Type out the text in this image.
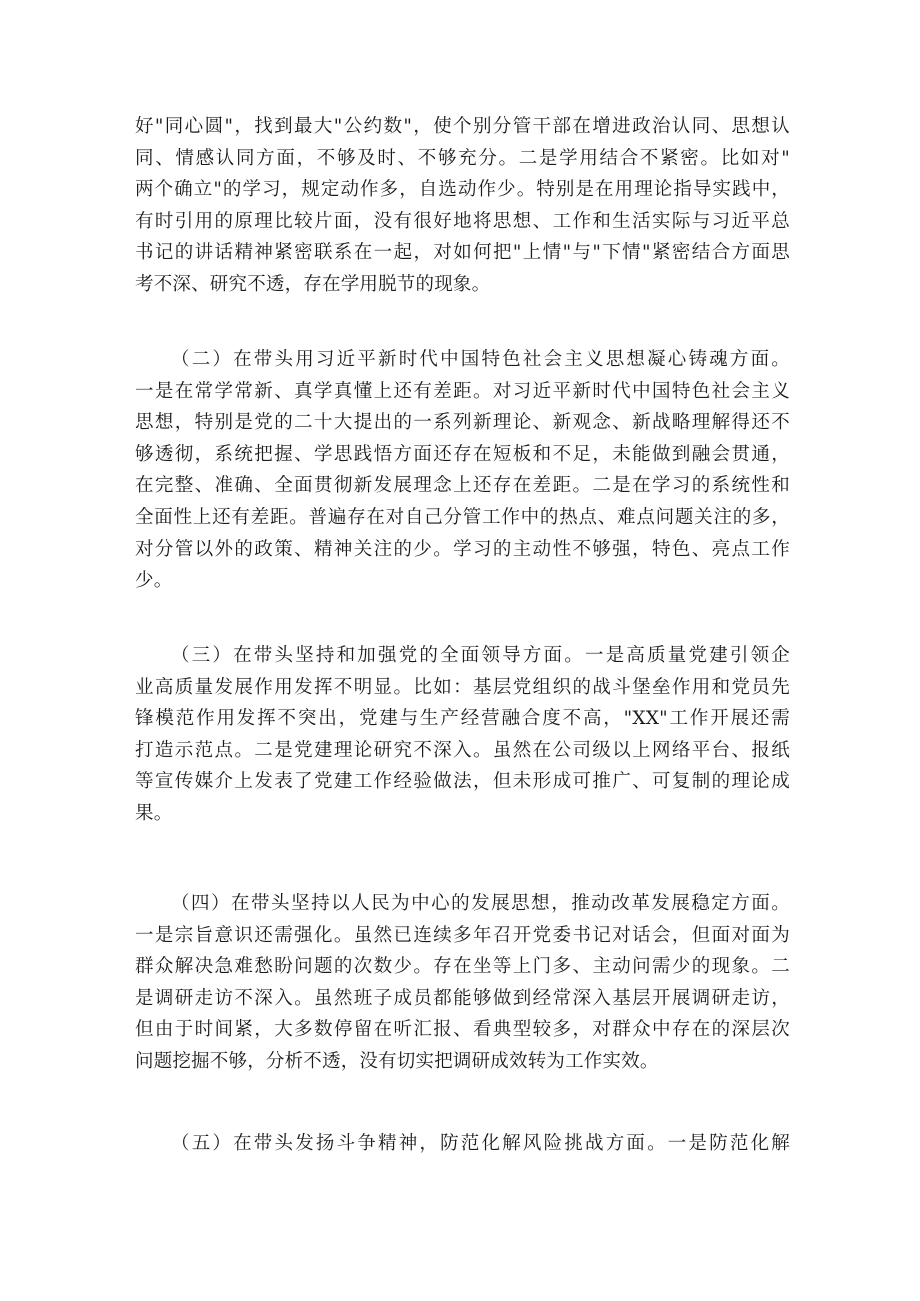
好"同心圆"，找到最大"公约数"，使个别分管干部在增进政治认同、思想认
同、情感认同方面，不够及时、不够充分。二是学用结合不紧密。比如对"
两个确立"的学习，规定动作多，自选动作少。特别是在用理论指导实践中，
有时引用的原理比较片面，没有很好地将思想、工作和生活实际与习近平总
书记的讲话精神紧密联系在一起，对如何把"上情"与"下情"紧密结合方面思
考不深、研究不透，存在学用脱节的现象。
（二）在带头用习近平新时代中国特色社会主义思想凝心铸魂方面。
一是在常学常新、真学真懂上还有差距。对习近平新时代中国特色社会主义
思想，特别是党的二十大提出的一系列新理论、新观念、新战略理解得还不
够透彻，系统把握、学思践悟方面还存在短板和不足，未能做到融会贯通，
在完整、准确、全面贯彻新发展理念上还存在差距。二是在学习的系统性和
全面性上还有差距。普遍存在对自己分管工作中的热点、难点问题关注的多，
对分管以外的政策、精神关注的少。学习的主动性不够强，特色、亮点工作
少。
（三）在带头坚持和加强党的全面领导方面。一是高质量党建引领企
业高质量发展作用发挥不明显。比如：基层党组织的战斗堡垒作用和党员先
锋模范作用发挥不突出，党建与生产经营融合度不高，"XX"工作开展还需
打造示范点。二是党建理论研究不深入。虽然在公司级以上网络平台、报纸
等宣传媒介上发表了党建工作经验做法，但未形成可推广、可复制的理论成
果。
（四）在带头坚持以人民为中心的发展思想，推动改革发展稳定方面。
一是宗旨意识还需强化。虽然已连续多年召开党委书记对话会，但面对面为
群众解决急难愁盼问题的次数少。存在坐等上门多、主动问需少的现象。二
是调研走访不深入。虽然班子成员都能够做到经常深入基层开展调研走访，
但由于时间紧，大多数停留在听汇报、看典型较多，对群众中存在的深层次
问题挖掘不够，分析不透，没有切实把调研成效转为工作实效。
（五）在带头发扬斗争精神，防范化解风险挑战方面。一是防范化解
